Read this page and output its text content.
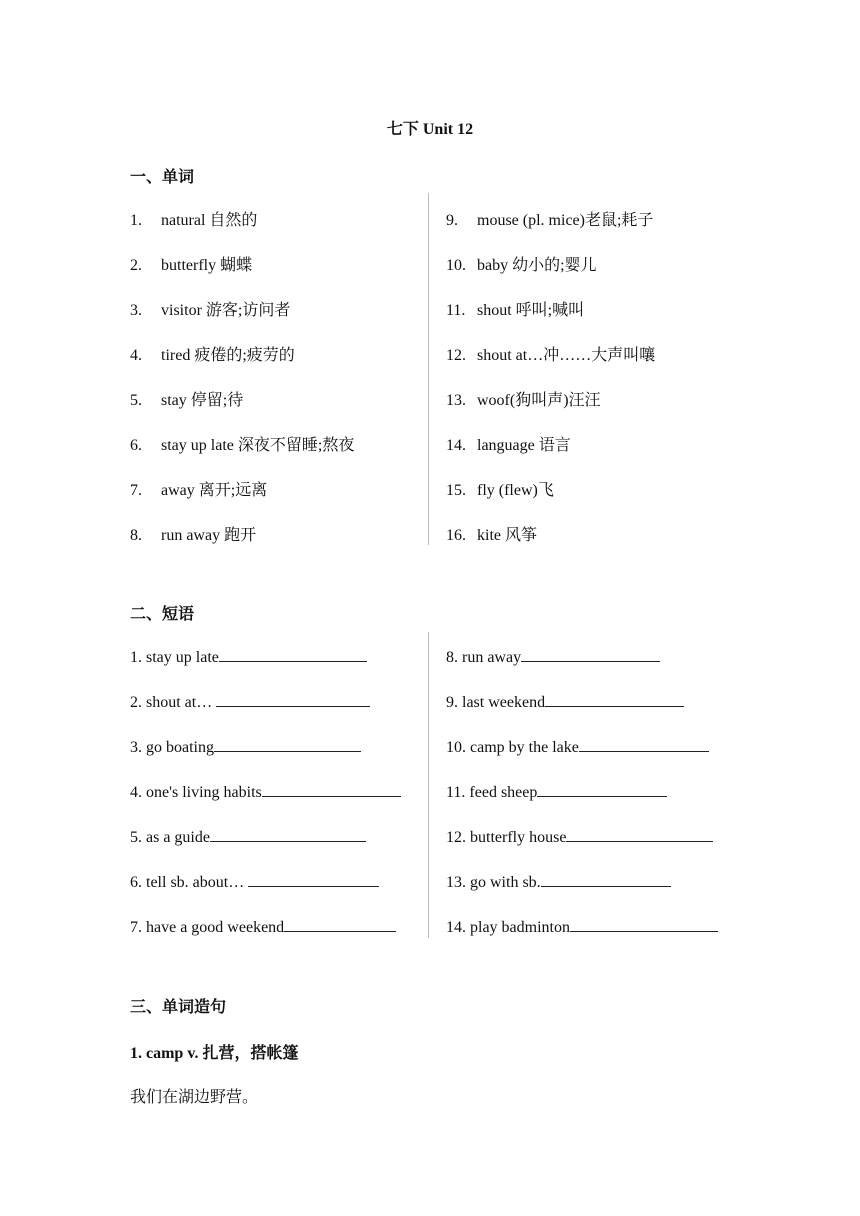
七下 Unit 12
一、单词
1. natural 自然的
2. butterfly 蝴蝶
3. visitor 游客;访问者
4. tired 疲倦的;疲劳的
5. stay 停留;待
6. stay up late 深夜不留睡;熬夜
7. away 离开;远离
8. run away 跑开
9. mouse (pl. mice)老鼠;耗子
10. baby 幼小的;婴儿
11. shout 呼叫;喊叫
12. shout at…冲……大声叫嚷
13. woof(狗叫声)汪汪
14. language 语言
15. fly (flew)飞
16. kite 风筝
二、短语
1. stay up late
2. shout at…
3. go boating
4. one's living habits
5. as a guide
6. tell sb. about…
7. have a good weekend
8. run away
9. last weekend
10. camp by the lake
11. feed sheep
12. butterfly house
13. go with sb.
14. play badminton
三、单词造句
1. camp v. 扎营，搭帐篷
我们在湖边野营。
